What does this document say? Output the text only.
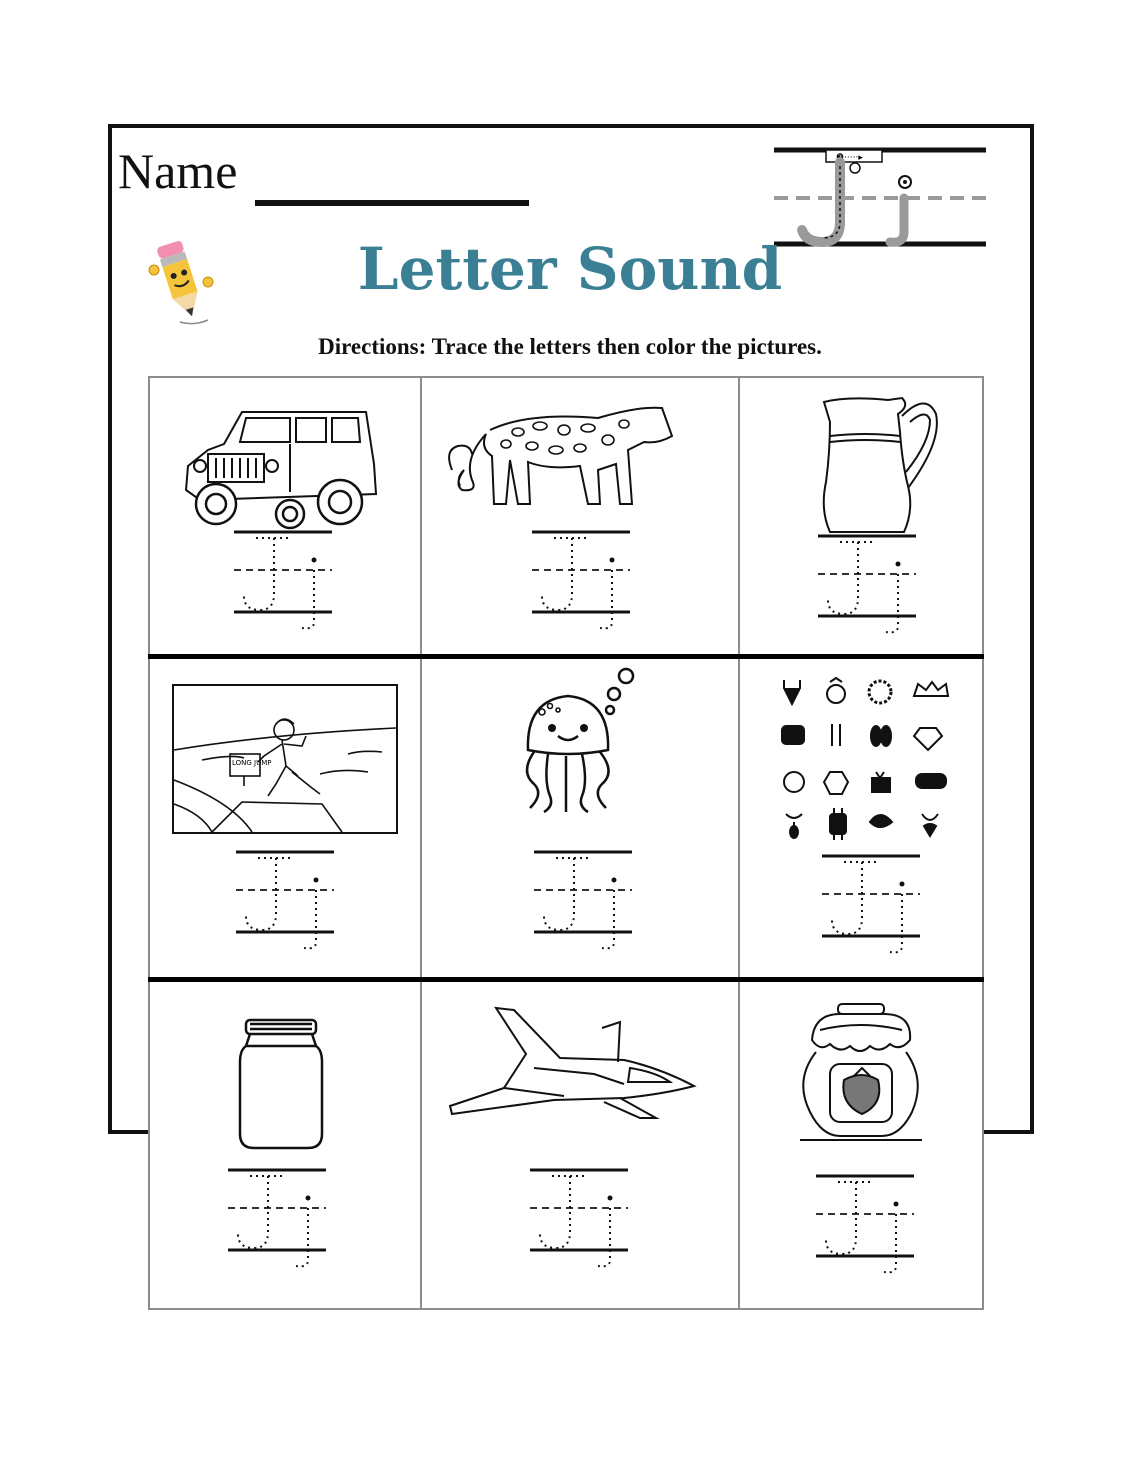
Name	❷·····▸
Letter Sound
Directions: Trace the letters then color the pictures.
LONG JUMP
